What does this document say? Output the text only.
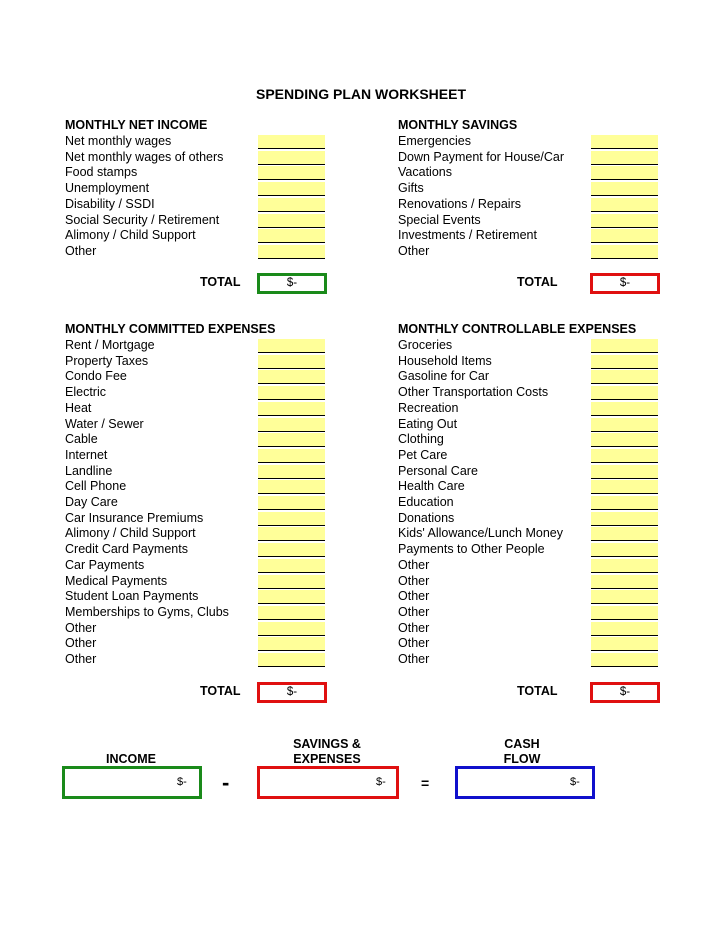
SPENDING PLAN WORKSHEET
MONTHLY NET INCOME
Net monthly wages
Net monthly wages of others
Food stamps
Unemployment
Disability / SSDI
Social Security / Retirement
Alimony / Child Support
Other
MONTHLY SAVINGS
Emergencies
Down Payment for House/Car
Vacations
Gifts
Renovations / Repairs
Special Events
Investments / Retirement
Other
MONTHLY COMMITTED EXPENSES
Rent / Mortgage
Property Taxes
Condo Fee
Electric
Heat
Water / Sewer
Cable
Internet
Landline
Cell Phone
Day Care
Car Insurance Premiums
Alimony / Child Support
Credit Card Payments
Car Payments
Medical Payments
Student Loan Payments
Memberships to Gyms, Clubs
Other
Other
Other
MONTHLY CONTROLLABLE EXPENSES
Groceries
Household Items
Gasoline for Car
Other Transportation Costs
Recreation
Eating Out
Clothing
Pet Care
Personal Care
Health Care
Education
Donations
Kids' Allowance/Lunch Money
Payments to Other People
Other
Other
Other
Other
Other
Other
Other
TOTAL	$-	TOTAL	$-
TOTAL	$-	TOTAL	$-
INCOME
$- -
SAVINGS &
EXPENSES
$-	=
CASH
FLOW
$-
